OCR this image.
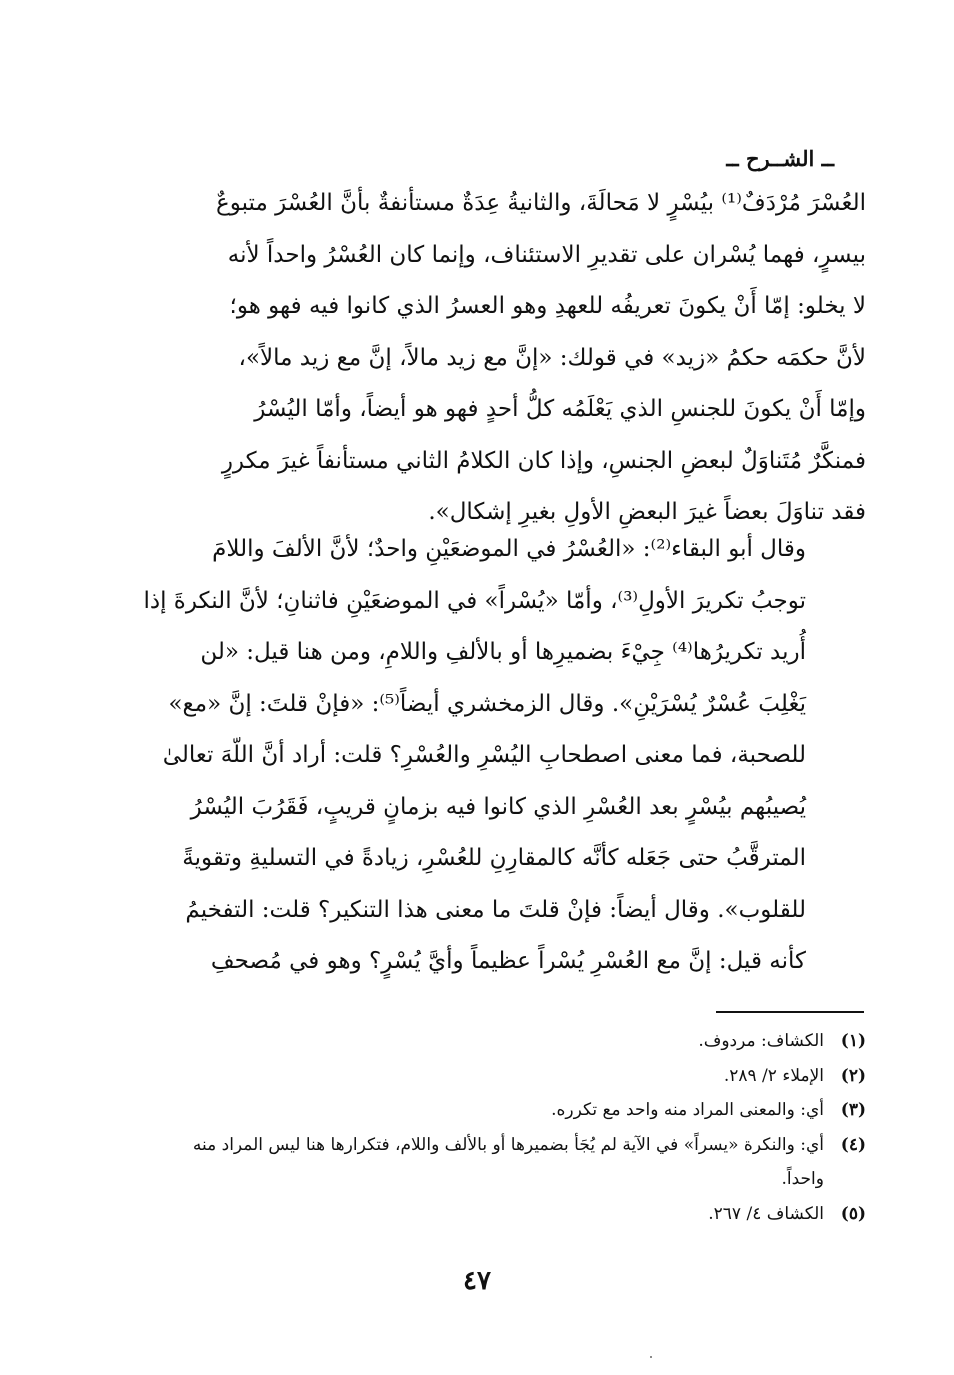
ــ الشــرح ــ
العُسْرَ مُرْدَفٌ⁽¹⁾ بيُسْرٍ لا مَحالَةَ، والثانيةُ عِدَةٌ مستأنفةٌ بأنَّ العُسْرَ متبوعٌ
بيسرٍ، فهما يُسْران على تقديرِ الاستئناف، وإنما كان العُسْرُ واحداً لأنه
لا يخلو: إمّا أَنْ يكونَ تعريفُه للعهدِ وهو العسرُ الذي كانوا فيه فهو هو؛
لأنَّ حكمَه حكمُ «زيد» في قولك: «إنَّ مع زيد مالاً، إنَّ مع زيد مالاً»،
وإمّا أَنْ يكونَ للجنسِ الذي يَعْلَمُه كلُّ أحدٍ فهو هو أيضاً، وأمّا اليُسْرُ
فمنكَّرٌ مُتَناوَلٌ لبعضِ الجنسِ، وإذا كان الكلامُ الثاني مستأنفاً غيرَ مكررٍ
فقد تناوَلَ بعضاً غيرَ البعضِ الأولِ بغيرِ إشكال».
وقال أبو البقاء⁽²⁾: «العُسْرُ في الموضعَيْنِ واحدٌ؛ لأنَّ الألفَ واللامَ
توجبُ تكريرَ الأولِ⁽³⁾، وأمّا «يُسْراً» في الموضعَيْنِ فاثنانِ؛ لأنَّ النكرةَ إذا
أُريد تكريرُها⁽⁴⁾ جِيْءَ بضميرِها أو بالألفِ واللامِ، ومن هنا قيل: «لن
يَغْلِبَ عُسْرٌ يُسْرَيْنِ». وقال الزمخشري أيضاً⁽⁵⁾: «فإنْ قلتَ: إنَّ «مع»
للصحبة، فما معنى اصطحابِ اليُسْرِ والعُسْرِ؟ قلت: أراد أنَّ اللّهَ تعالىٰ
يُصيبُهم بيُسْرٍ بعد العُسْرِ الذي كانوا فيه بزمانٍ قريبٍ، فَقَرُبَ اليُسْرُ
المترقَّبُ حتى جَعَله كأنَّه كالمقارِنِ للعُسْرِ، زيادةً في التسليةِ وتقويةً
للقلوب». وقال أيضاً: فإنْ قلتَ ما معنى هذا التنكير؟ قلت: التفخيمُ
كأنه قيل: إنَّ مع العُسْرِ يُسْراً عظيماً وأيَّ يُسْرٍ؟ وهو في مُصحفِ
(١)
الكشاف: مردوف.
(٢)
الإملاء ٢/ ٢٨٩.
(٣)
أي: والمعنى المراد منه واحد مع تكرره.
(٤)
أي: والنكرة «يسراً» في الآية لم يُجَأ بضميرها أو بالألف واللام، فتكرارها هنا ليس المراد منه واحداً.
(٥)
الكشاف ٤/ ٢٦٧.
٤٧
